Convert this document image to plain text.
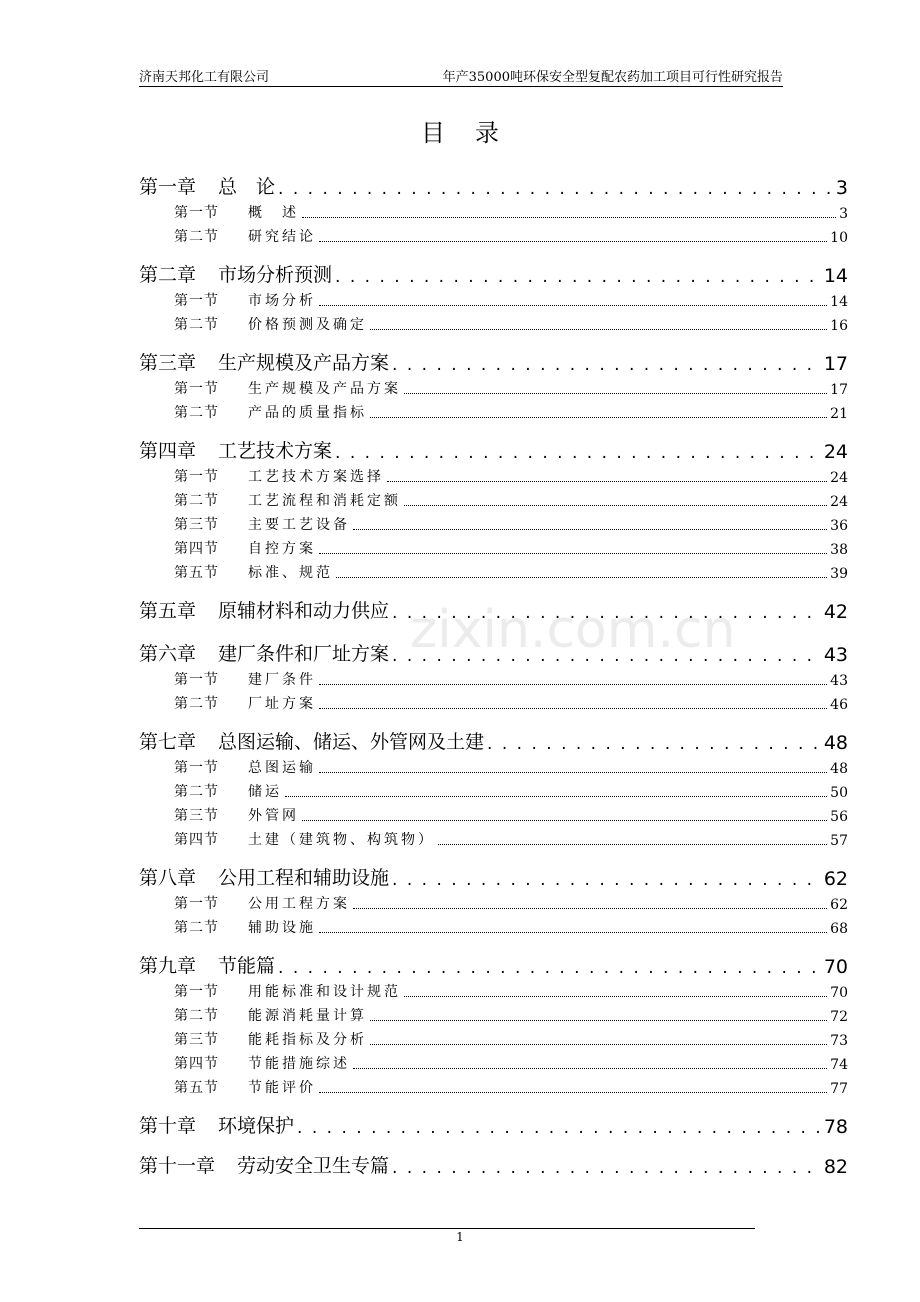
济南天邦化工有限公司	年产35000吨环保安全型复配农药加工项目可行性研究报告
目录
zixin.com.cn
第一章 总　论 . . .	3
第一节	概　述	3
第二节	研究结论	10
第二章 市场分析预测 . . .	14
第一节	市场分析	14
第二节	价格预测及确定	16
第三章 生产规模及产品方案 . . .	17
第一节	生产规模及产品方案	17
第二节	产品的质量指标	21
第四章 工艺技术方案 . . .	24
第一节	工艺技术方案选择	24
第二节	工艺流程和消耗定额	24
第三节	主要工艺设备	36
第四节	自控方案	38
第五节	标准、规范	39
第五章 原辅材料和动力供应 . . .	42
第六章 建厂条件和厂址方案 . . .	43
第一节	建厂条件	43
第二节	厂址方案	46
第七章 总图运输、储运、外管网及土建 . . .	48
第一节	总图运输	48
第二节	储运	50
第三节	外管网	56
第四节	土建（建筑物、构筑物）	57
第八章 公用工程和辅助设施 . . .	62
第一节	公用工程方案	62
第二节	辅助设施	68
第九章 节能篇 . . .	70
第一节	用能标准和设计规范	70
第二节	能源消耗量计算	72
第三节	能耗指标及分析	73
第四节	节能措施综述	74
第五节	节能评价	77
第十章 环境保护 . . .	78
第十一章 劳动安全卫生专篇 . . .	82
1
